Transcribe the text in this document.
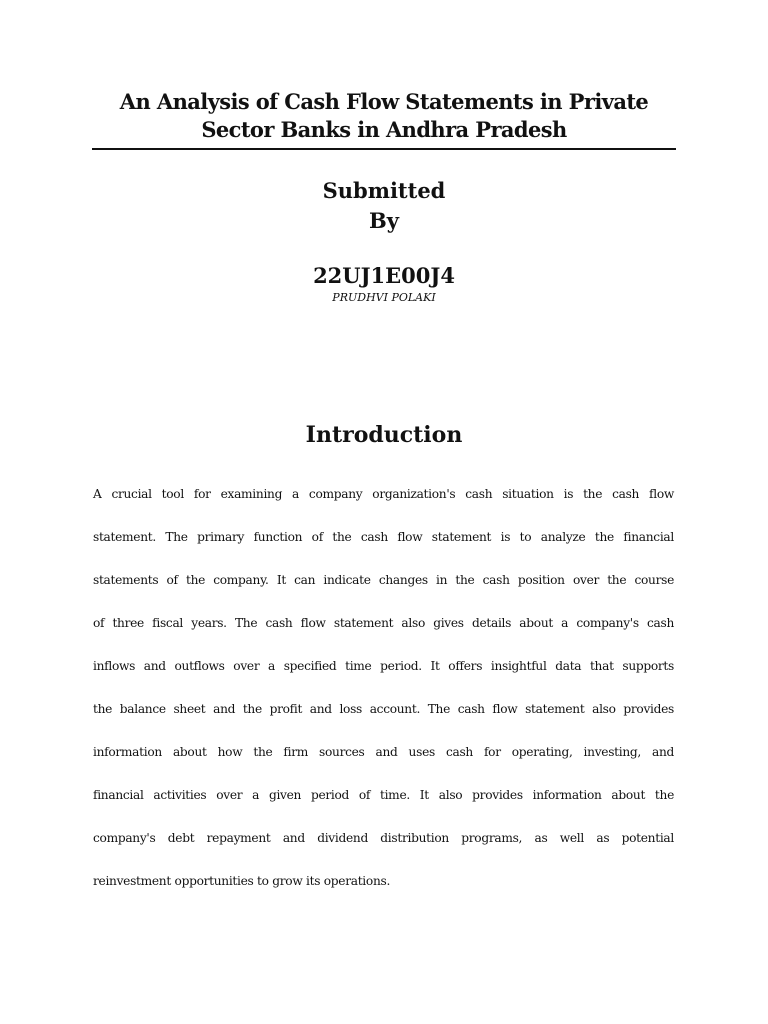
An Analysis of Cash Flow Statements in Private
Sector Banks in Andhra Pradesh
Submitted
By
22UJ1E00J4
PRUDHVI POLAKI
Introduction
A crucial tool for examining a company organization's cash situation is the cash flow
statement. The primary function of the cash flow statement is to analyze the financial
statements of the company. It can indicate changes in the cash position over the course
of three fiscal years. The cash flow statement also gives details about a company's cash
inflows and outflows over a specified time period. It offers insightful data that supports
the balance sheet and the profit and loss account. The cash flow statement also provides
information about how the firm sources and uses cash for operating, investing, and
financial activities over a given period of time. It also provides information about the
company's debt repayment and dividend distribution programs, as well as potential
reinvestment opportunities to grow its operations.
